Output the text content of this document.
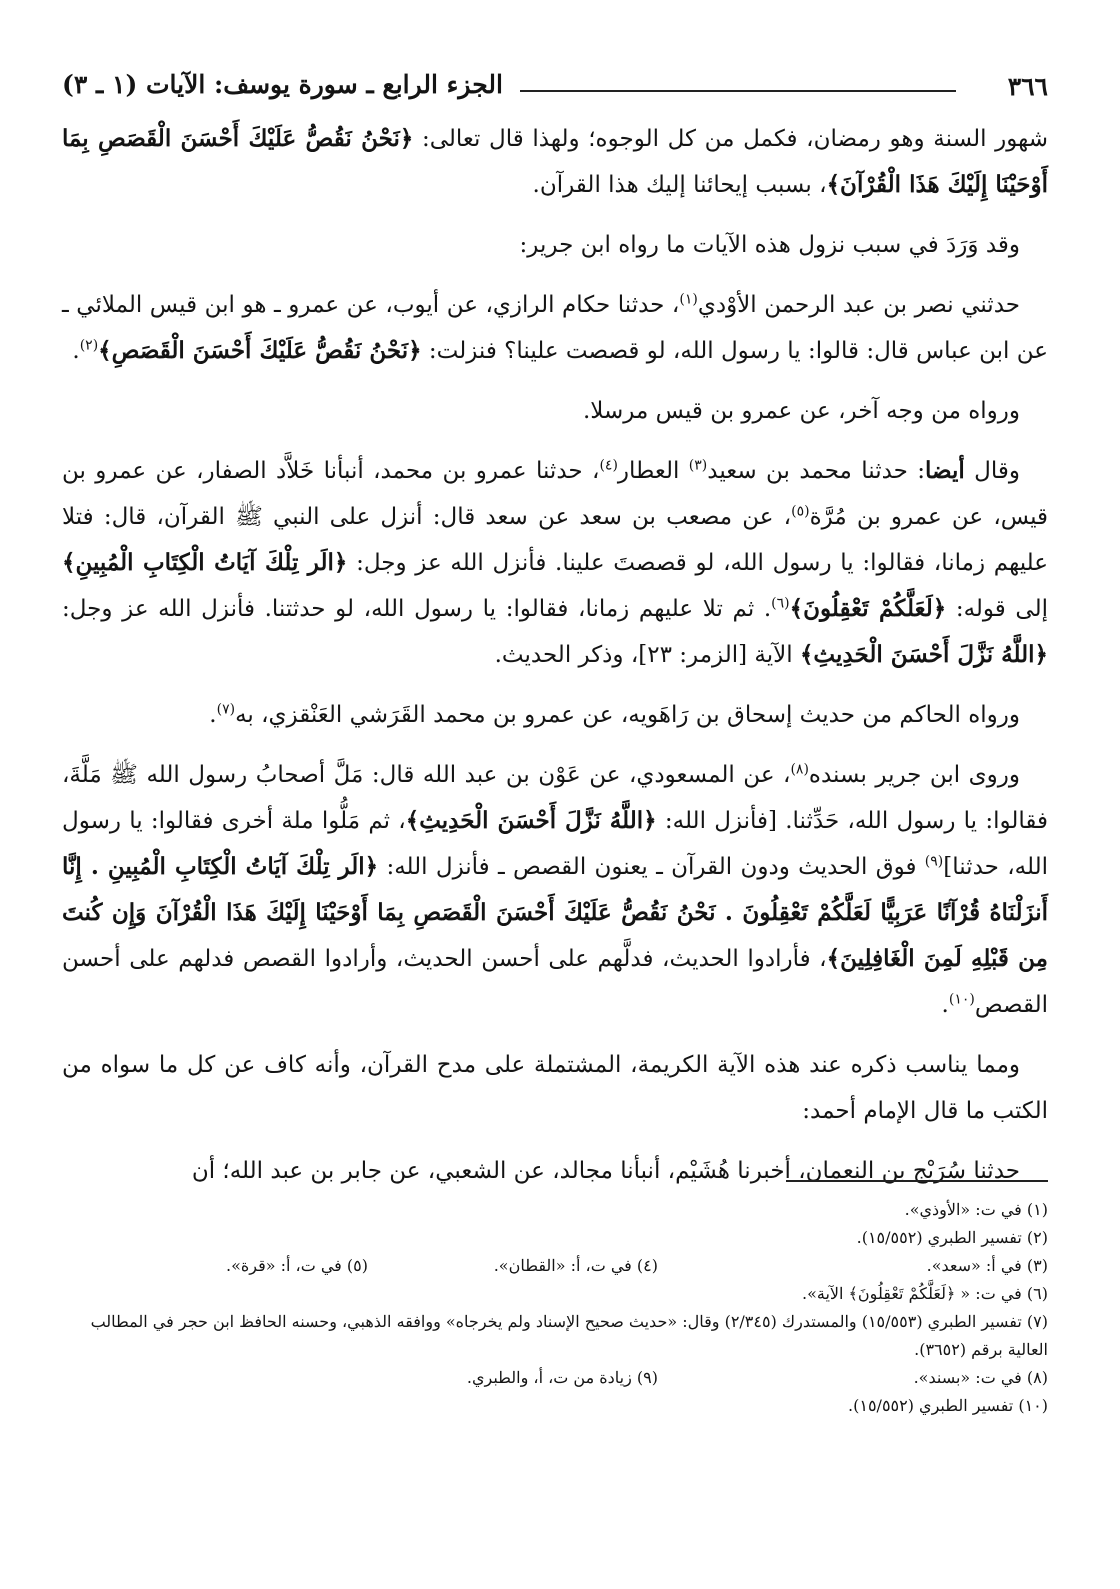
٣٦٦
الجزء الرابع ـ سورة يوسف: الآيات (١ ـ ٣)

شهور السنة وهو رمضان، فكمل من كل الوجوه؛ ولهذا قال تعالى: ﴿نَحْنُ نَقُصُّ عَلَيْكَ أَحْسَنَ الْقَصَصِ بِمَا أَوْحَيْنَا إِلَيْكَ هَذَا الْقُرْآنَ﴾، بسبب إيحائنا إليك هذا القرآن.

وقد وَرَدَ في سبب نزول هذه الآيات ما رواه ابن جرير:

حدثني نصر بن عبد الرحمن الأوْدي$^{(١)}$، حدثنا حكام الرازي، عن أيوب، عن عمرو ـ هو ابن قيس الملائي ـ عن ابن عباس قال: قالوا: يا رسول الله، لو قصصت علينا؟ فنزلت: ﴿نَحْنُ نَقُصُّ عَلَيْكَ أَحْسَنَ الْقَصَصِ﴾$^{(٢)}$.

ورواه من وجه آخر، عن عمرو بن قيس مرسلا.

وقال أيضا: حدثنا محمد بن سعيد$^{(٣)}$ العطار$^{(٤)}$، حدثنا عمرو بن محمد، أنبأنا خَلاَّد الصفار، عن عمرو بن قيس، عن عمرو بن مُرَّة$^{(٥)}$، عن مصعب بن سعد عن سعد قال: أنزل على النبي ﷺ القرآن، قال: فتلا عليهم زمانا، فقالوا: يا رسول الله، لو قصصتَ علينا. فأنزل الله عز وجل: ﴿الَر تِلْكَ آيَاتُ الْكِتَابِ الْمُبِينِ﴾ إلى قوله: ﴿لَعَلَّكُمْ تَعْقِلُونَ﴾$^{(٦)}$. ثم تلا عليهم زمانا، فقالوا: يا رسول الله، لو حدثتنا. فأنزل الله عز وجل: ﴿اللَّهُ نَزَّلَ أَحْسَنَ الْحَدِيثِ﴾ الآية [الزمر: ٢٣]، وذكر الحديث.

ورواه الحاكم من حديث إسحاق بن رَاهَويه، عن عمرو بن محمد القَرَشي العَنْقزي، به$^{(٧)}$.

وروى ابن جرير بسنده$^{(٨)}$، عن المسعودي، عن عَوْن بن عبد الله قال: مَلَّ أصحابُ رسول الله ﷺ مَلَّةَ، فقالوا: يا رسول الله، حَدِّثنا. [فأنزل الله: ﴿اللَّهُ نَزَّلَ أَحْسَنَ الْحَدِيثِ﴾، ثم مَلُّوا ملة أخرى فقالوا: يا رسول الله، حدثنا]$^{(٩)}$ فوق الحديث ودون القرآن ـ يعنون القصص ـ فأنزل الله: ﴿الَر تِلْكَ آيَاتُ الْكِتَابِ الْمُبِينِ . إِنَّا أَنزَلْنَاهُ قُرْآنًا عَرَبِيًّا لَعَلَّكُمْ تَعْقِلُونَ . نَحْنُ نَقُصُّ عَلَيْكَ أَحْسَنَ الْقَصَصِ بِمَا أَوْحَيْنَا إِلَيْكَ هَذَا الْقُرْآنَ وَإِن كُنتَ مِن قَبْلِهِ لَمِنَ الْغَافِلِينَ﴾، فأرادوا الحديث، فدلَّهم على أحسن الحديث، وأرادوا القصص فدلهم على أحسن القصص$^{(١٠)}$.

ومما يناسب ذكره عند هذه الآية الكريمة، المشتملة على مدح القرآن، وأنه كاف عن كل ما سواه من الكتب ما قال الإمام أحمد:

حدثنا سُرَيْج بن النعمان، أخبرنا هُشَيْم، أنبأنا مجالد، عن الشعبي، عن جابر بن عبد الله؛ أن

(١) في ت: «الأوذي».

(٢) تفسير الطبري (١٥/٥٥٢).

(٣) في أ: «سعد».
(٤) في ت، أ: «القطان».
(٥) في ت، أ: «قرة».

(٦) في ت: « ﴿لَعَلَّكُمْ تَعْقِلُونَ﴾ الآية».

(٧) تفسير الطبري (١٥/٥٥٣) والمستدرك (٢/٣٤٥) وقال: «حديث صحيح الإسناد ولم يخرجاه» ووافقه الذهبي، وحسنه الحافظ ابن حجر في المطالب العالية برقم (٣٦٥٢).

(٨) في ت: «بسند».
(٩) زيادة من ت، أ، والطبري.

(١٠) تفسير الطبري (١٥/٥٥٢).
